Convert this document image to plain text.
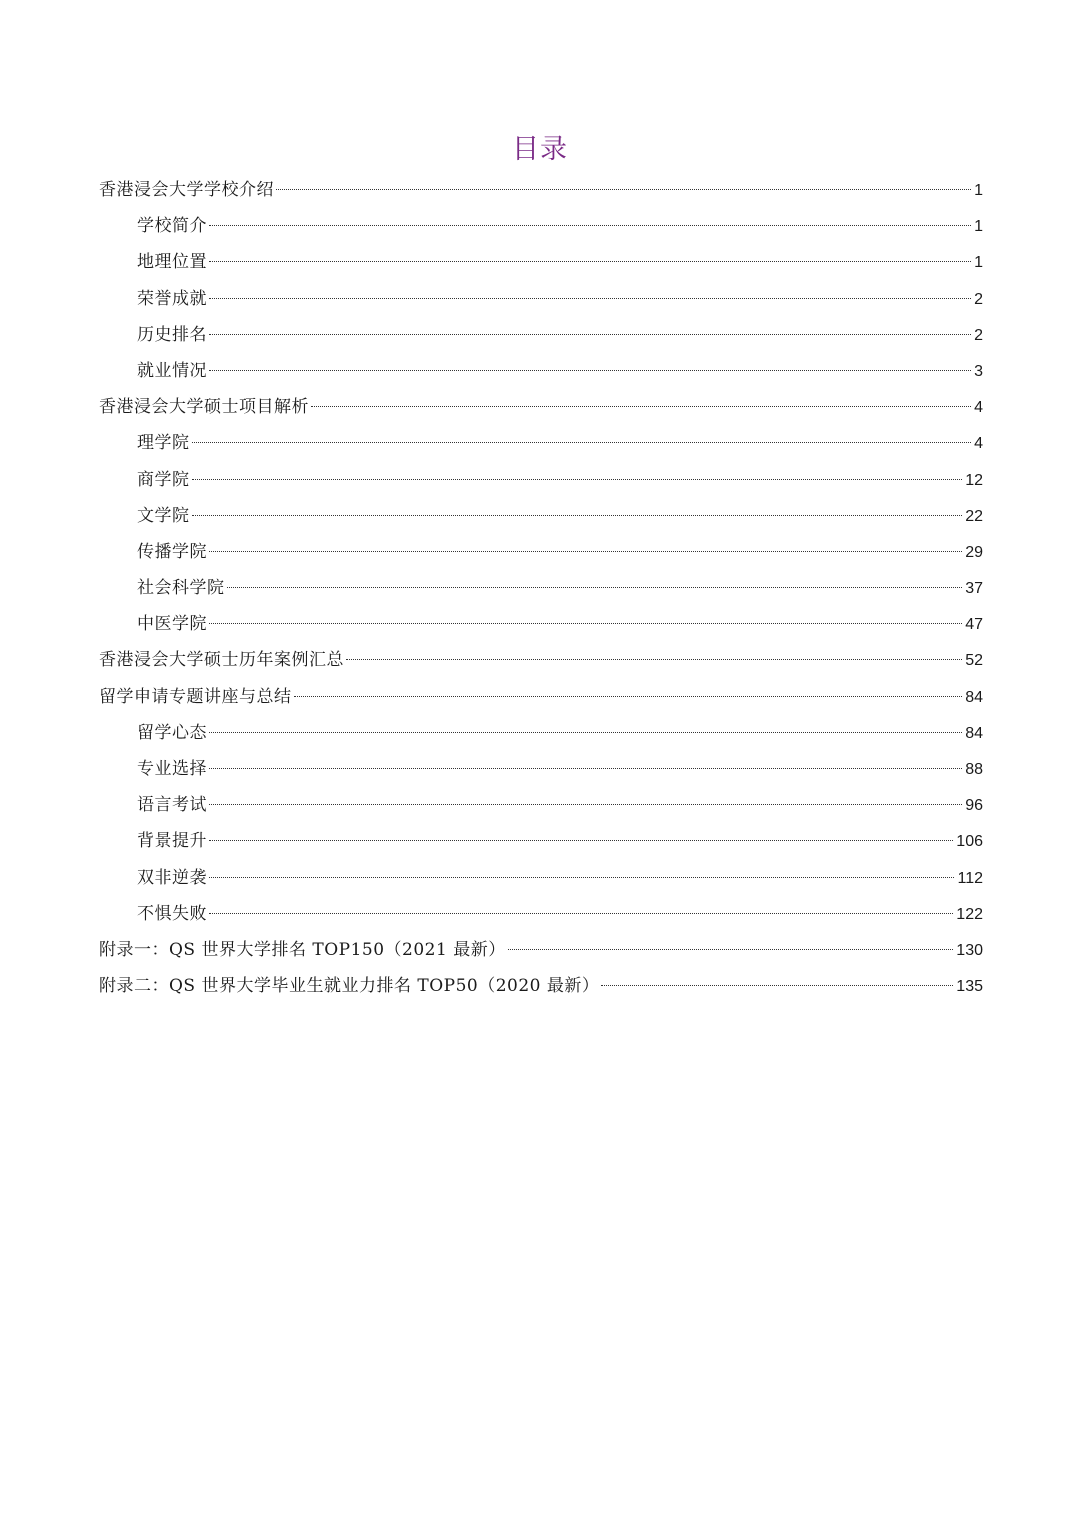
目录
香港浸会大学学校介绍	1
学校简介	1
地理位置	1
荣誉成就	2
历史排名	2
就业情况	3
香港浸会大学硕士项目解析	4
理学院	4
商学院	12
文学院	22
传播学院	29
社会科学院	37
中医学院	47
香港浸会大学硕士历年案例汇总	52
留学申请专题讲座与总结	84
留学心态	84
专业选择	88
语言考试	96
背景提升	106
双非逆袭	112
不惧失败	122
附录一：QS 世界大学排名 TOP150（2021 最新）	130
附录二：QS 世界大学毕业生就业力排名 TOP50（2020 最新）	135
